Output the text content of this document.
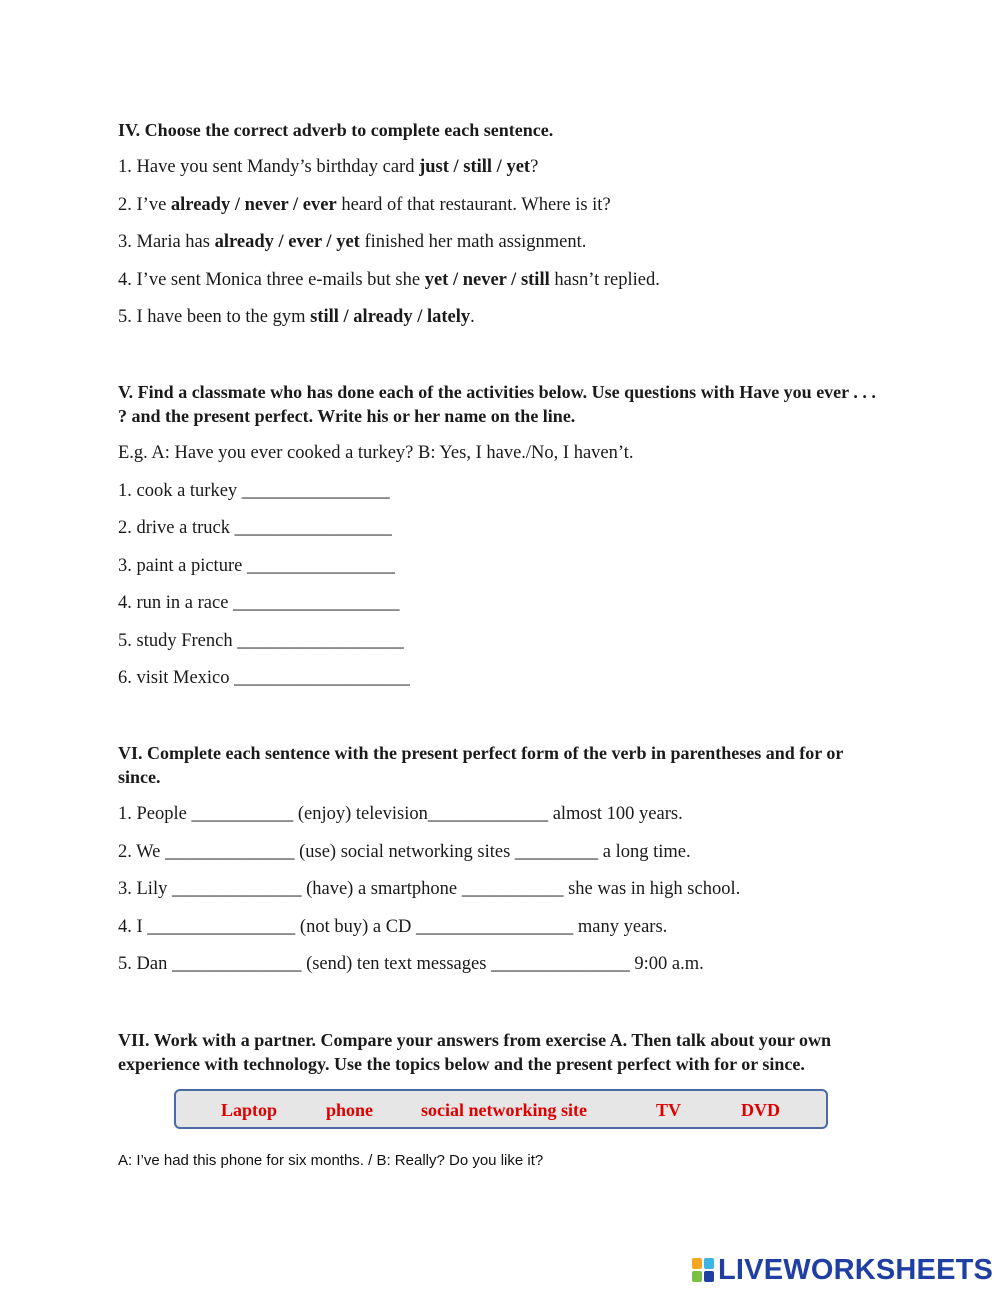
IV. Choose the correct adverb to complete each sentence.
1. Have you sent Mandy’s birthday card just / still / yet?
2. I’ve already / never / ever heard of that restaurant. Where is it?
3. Maria has already / ever / yet finished her math assignment.
4. I’ve sent Monica three e-mails but she yet / never / still hasn’t replied.
5. I have been to the gym still / already / lately.
V. Find a classmate who has done each of the activities below. Use questions with Have you ever . . . ? and the present perfect. Write his or her name on the line.
E.g. A: Have you ever cooked a turkey? B: Yes, I have./No, I haven’t.
1. cook a turkey ________________
2. drive a truck _________________
3. paint a picture ________________
4. run in a race __________________
5. study French __________________
6. visit Mexico ___________________
VI. Complete each sentence with the present perfect form of the verb in parentheses and for or since.
1. People ___________ (enjoy) television_____________ almost 100 years.
2. We ______________ (use) social networking sites _________ a long time.
3. Lily ______________ (have) a smartphone ___________ she was in high school.
4. I ________________ (not buy) a CD _________________ many years.
5. Dan ______________ (send) ten text messages _______________ 9:00 a.m.
VII. Work with a partner. Compare your answers from exercise A. Then talk about your own experience with technology. Use the topics below and the present perfect with for or since.
Laptop	phone	social networking site	TV	DVD
A: I’ve had this phone for six months. / B: Really? Do you like it?
LIVEWORKSHEETS
